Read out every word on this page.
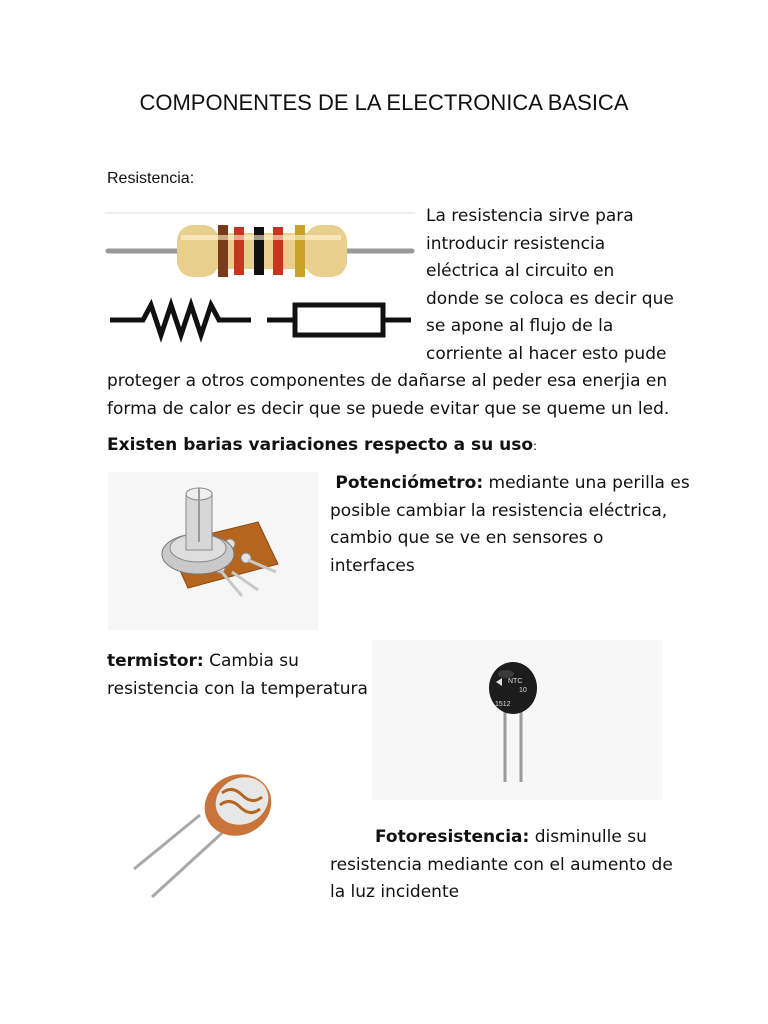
COMPONENTES DE LA ELECTRONICA BASICA
Resistencia:
La resistencia sirve para
introducir resistencia
eléctrica al circuito en
donde se coloca es decir que
se apone al flujo de la
corriente al hacer esto pude
proteger a otros componentes de dañarse al peder esa enerjia en
forma de calor es decir que se puede evitar que se queme un led.
Existen barias variaciones respecto a su uso:
Potenciómetro: mediante una perilla es
posible cambiar la resistencia eléctrica,
cambio que se ve en sensores o
interfaces
termistor: Cambia su
resistencia con la temperatura	NTC
10
1512
Fotoresistencia: disminulle su
resistencia mediante con el aumento de
la luz incidente
